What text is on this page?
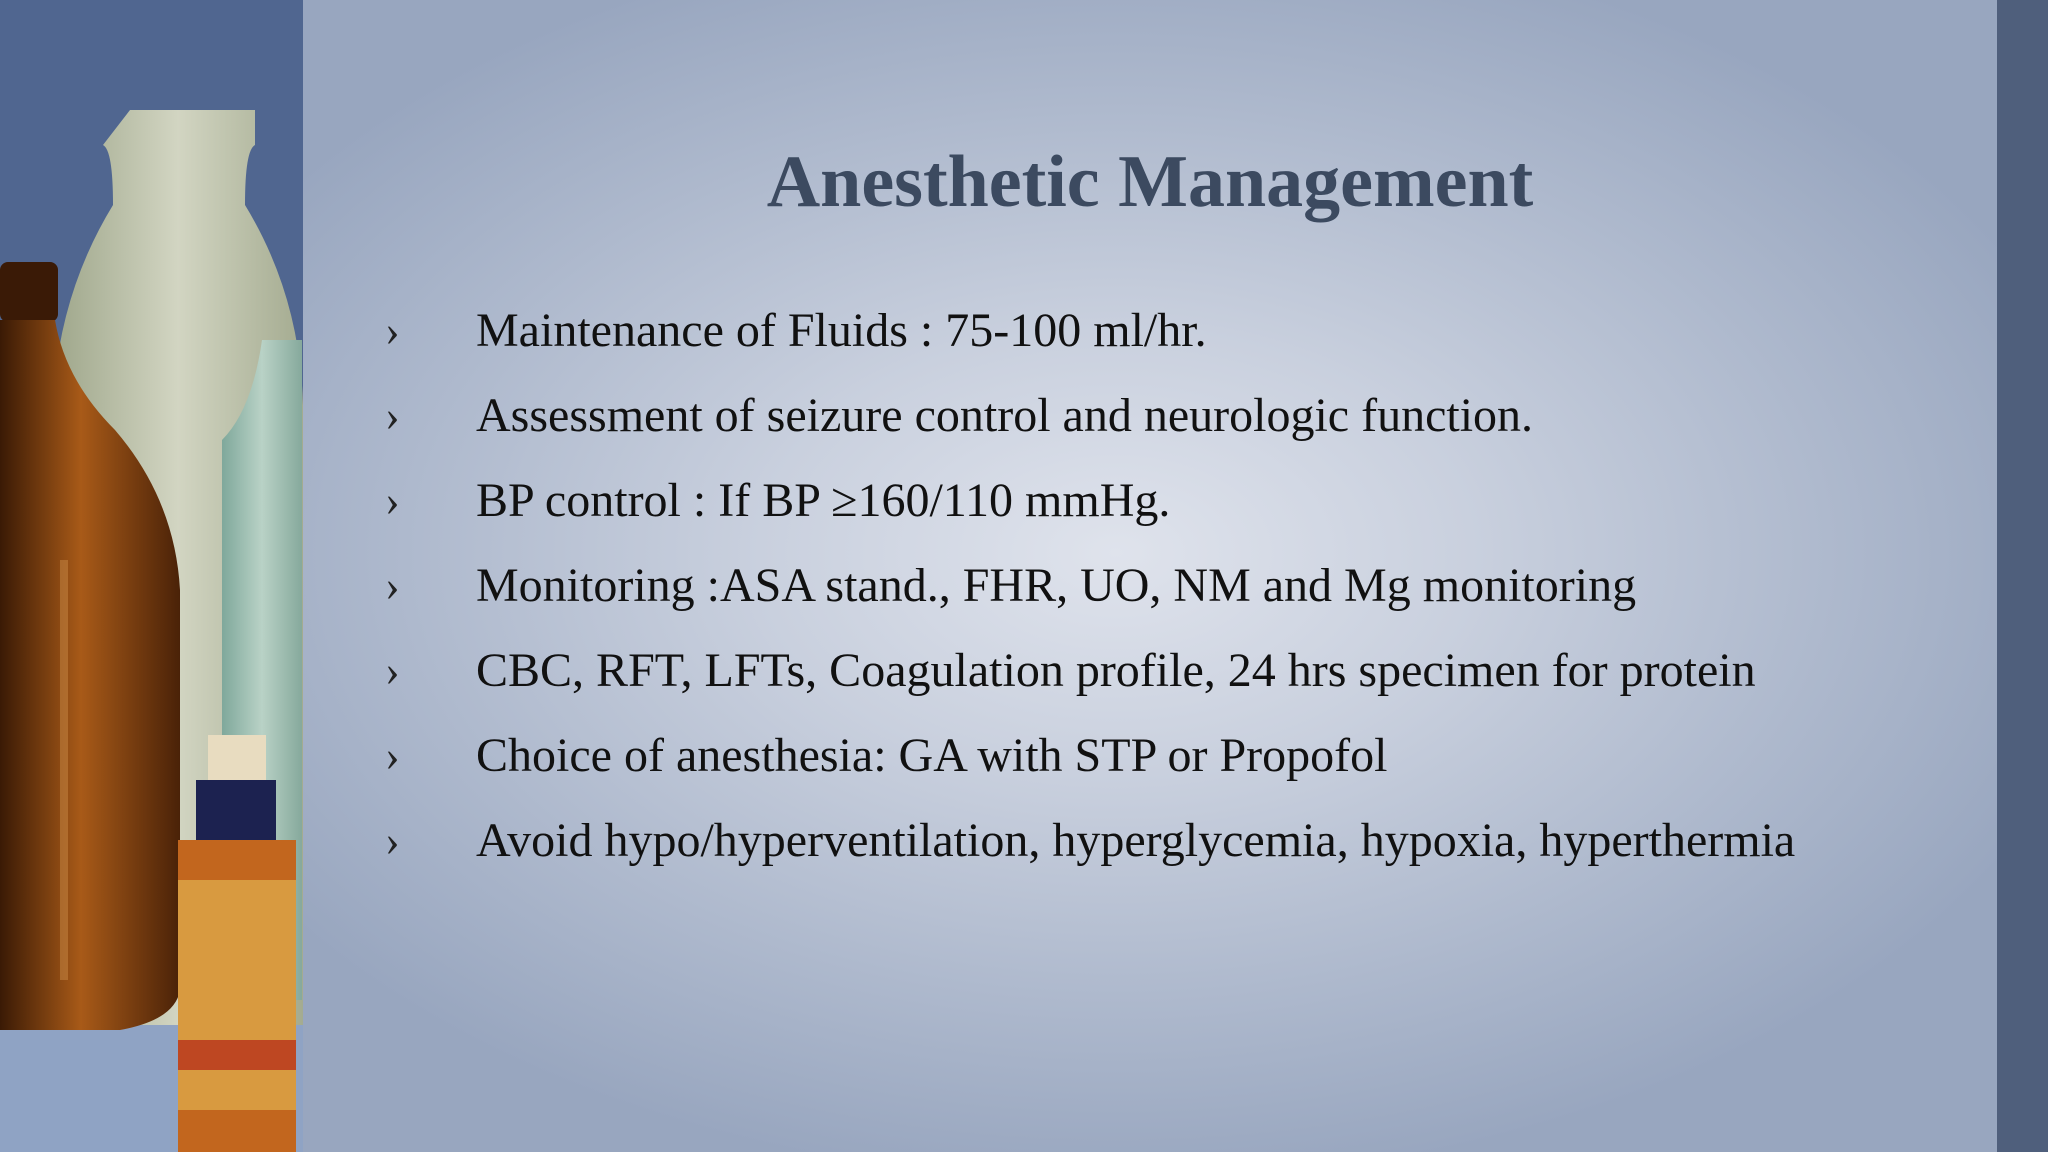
Anesthetic Management
› Maintenance of Fluids : 75-100 ml/hr.
› Assessment of seizure control and neurologic function.
› BP control : If BP ≥160/110 mmHg.
› Monitoring :ASA stand., FHR, UO, NM and Mg monitoring
› CBC, RFT, LFTs, Coagulation profile, 24 hrs specimen for protein
› Choice of anesthesia: GA with STP or Propofol
› Avoid hypo/hyperventilation, hyperglycemia, hypoxia, hyperthermia
